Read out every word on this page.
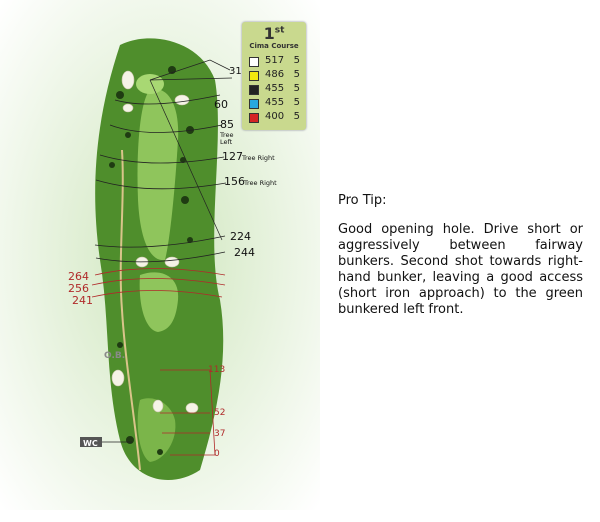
31
60
85
Tree
Left
127 Tree Right
156 Tree Right
224
244
264
256
241
113
52
37
0
O.B.
WC
1st
Cima Course
517 5
486 5
455 5
455 5
400 5
Pro Tip:
Good opening hole. Drive short or aggressively between fairway bunkers. Second shot towards right-hand bunker, leaving a good access (short iron approach) to the green bunkered left front.
